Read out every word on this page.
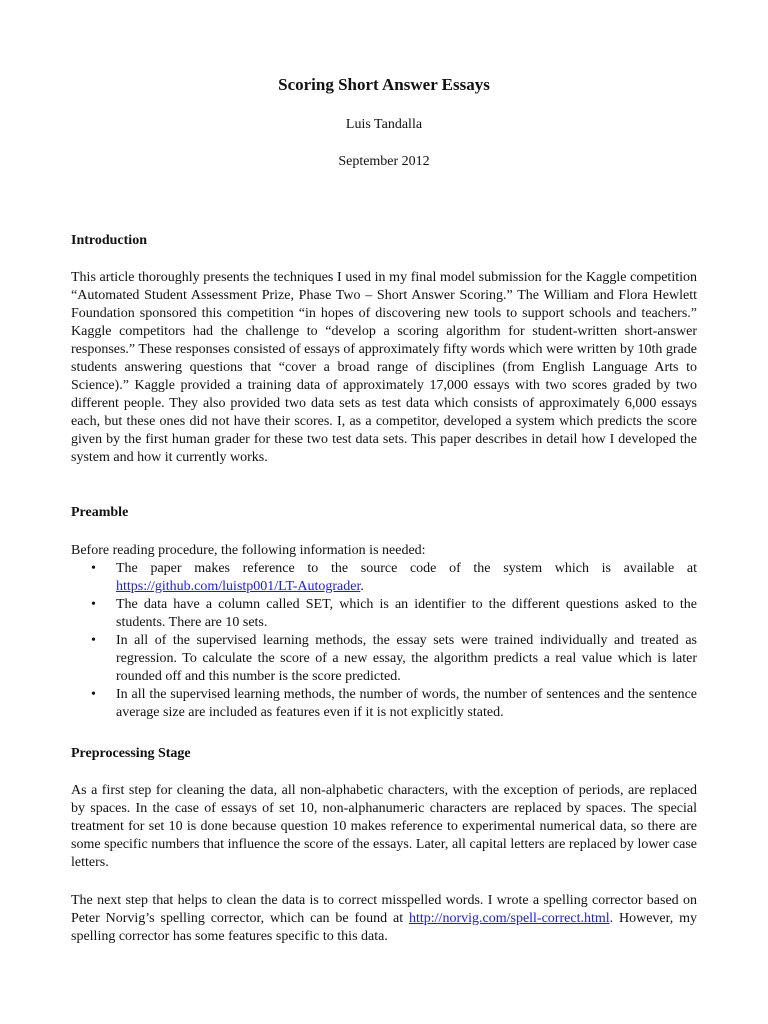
Scoring Short Answer Essays
Luis Tandalla
September 2012
Introduction
This article thoroughly presents the techniques I used in my final model submission for the Kaggle competition “Automated Student Assessment Prize, Phase Two – Short Answer Scoring.” The William and Flora Hewlett Foundation sponsored this competition “in hopes of discovering new tools to support schools and teachers.” Kaggle competitors had the challenge to “develop a scoring algorithm for student-written short-answer responses.” These responses consisted of essays of approximately fifty words which were written by 10th grade students answering questions that “cover a broad range of disciplines (from English Language Arts to Science).” Kaggle provided a training data of approximately 17,000 essays with two scores graded by two different people. They also provided two data sets as test data which consists of approximately 6,000 essays each, but these ones did not have their scores. I, as a competitor, developed a system which predicts the score given by the first human grader for these two test data sets. This paper describes in detail how I developed the system and how it currently works.
Preamble
Before reading procedure, the following information is needed:
• The paper makes reference to the source code of the system which is available at https://github.com/luistp001/LT-Autograder.
• The data have a column called SET, which is an identifier to the different questions asked to the students. There are 10 sets.
• In all of the supervised learning methods, the essay sets were trained individually and treated as regression. To calculate the score of a new essay, the algorithm predicts a real value which is later rounded off and this number is the score predicted.
• In all the supervised learning methods, the number of words, the number of sentences and the sentence average size are included as features even if it is not explicitly stated.
Preprocessing Stage
As a first step for cleaning the data, all non-alphabetic characters, with the exception of periods, are replaced by spaces. In the case of essays of set 10, non-alphanumeric characters are replaced by spaces. The special treatment for set 10 is done because question 10 makes reference to experimental numerical data, so there are some specific numbers that influence the score of the essays. Later, all capital letters are replaced by lower case letters.
The next step that helps to clean the data is to correct misspelled words. I wrote a spelling corrector based on Peter Norvig’s spelling corrector, which can be found at http://norvig.com/spell-correct.html. However, my spelling corrector has some features specific to this data.
